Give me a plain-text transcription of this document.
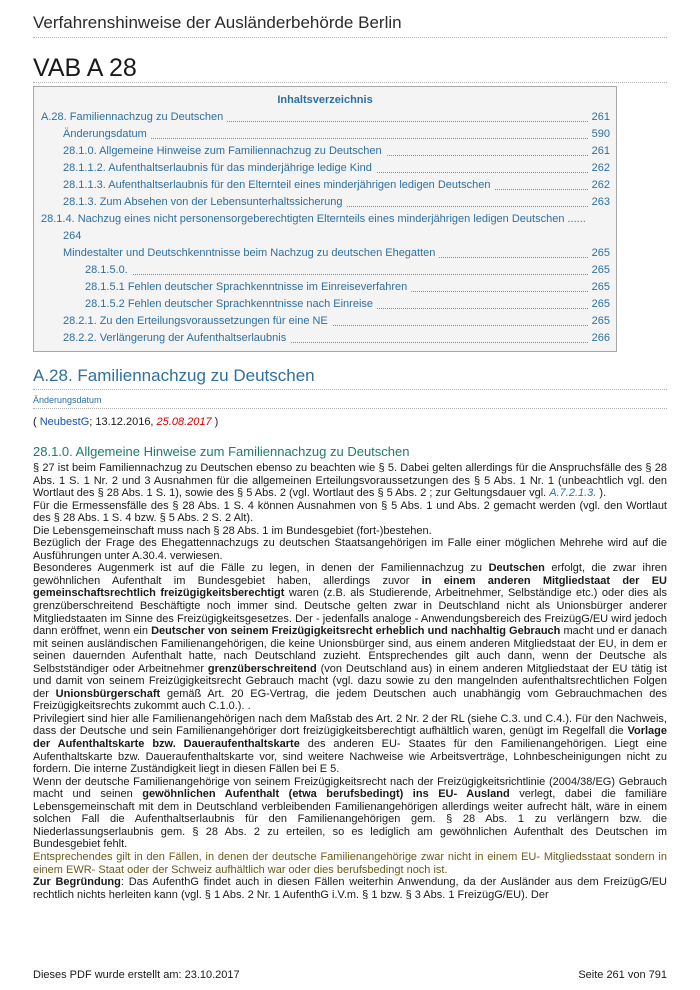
Verfahrenshinweise der Ausländerbehörde Berlin
VAB A 28
Inhaltsverzeichnis
A.28. Familiennachzug zu Deutschen	261
Änderungsdatum	590
28.1.0. Allgemeine Hinweise zum Familiennachzug zu Deutschen	261
28.1.1.2. Aufenthaltserlaubnis für das minderjährige ledige Kind	262
28.1.1.3. Aufenthaltserlaubnis für den Elternteil eines minderjährigen ledigen Deutschen	262
28.1.3. Zum Absehen von der Lebensunterhaltssicherung	263
28.1.4. Nachzug eines nicht personensorgeberechtigten Elternteils eines minderjährigen ledigen Deutschen ......
264
Mindestalter und Deutschkenntnisse beim Nachzug zu deutschen Ehegatten	265
28.1.5.0.	265
28.1.5.1 Fehlen deutscher Sprachkenntnisse im Einreiseverfahren	265
28.1.5.2 Fehlen deutscher Sprachkenntnisse nach Einreise	265
28.2.1. Zu den Erteilungsvoraussetzungen für eine NE	265
28.2.2. Verlängerung der Aufenthaltserlaubnis	266
A.28. Familiennachzug zu Deutschen
Änderungsdatum
( NeubestG; 13.12.2016, 25.08.2017 )
28.1.0. Allgemeine Hinweise zum Familiennachzug zu Deutschen

§ 27 ist beim Familiennachzug zu Deutschen ebenso zu beachten wie § 5. Dabei gelten allerdings für die Anspruchsfälle des § 28 Abs. 1 S. 1 Nr. 2 und 3 Ausnahmen für die allgemeinen Erteilungsvoraussetzungen des § 5 Abs. 1 Nr. 1 (unbeachtlich vgl. den Wortlaut des § 28 Abs. 1 S. 1), sowie des § 5 Abs. 2 (vgl. Wortlaut des § 5 Abs. 2 ; zur Geltungsdauer vgl. A.7.2.1.3. ).

Für die Ermessensfälle des § 28 Abs. 1 S. 4 können Ausnahmen von § 5 Abs. 1 und Abs. 2 gemacht werden (vgl. den Wortlaut des § 28 Abs. 1 S. 4 bzw. § 5 Abs. 2 S. 2 Alt).

Die Lebensgemeinschaft muss nach § 28 Abs. 1 im Bundesgebiet (fort-)bestehen.

Bezüglich der Frage des Ehegattennachzugs zu deutschen Staatsangehörigen im Falle einer möglichen Mehrehe wird auf die Ausführungen unter A.30.4. verwiesen.

Besonderes Augenmerk ist auf die Fälle zu legen, in denen der Familiennachzug zu Deutschen erfolgt, die zwar ihren gewöhnlichen Aufenthalt im Bundesgebiet haben, allerdings zuvor in einem anderen Mitgliedstaat der EU gemeinschaftsrechtlich freizügigkeitsberechtigt waren (z.B. als Studierende, Arbeitnehmer, Selbständige etc.) oder dies als grenzüberschreitend Beschäftigte noch immer sind. Deutsche gelten zwar in Deutschland nicht als Unionsbürger anderer Mitgliedstaaten im Sinne des Freizügigkeitsgesetzes. Der - jedenfalls analoge - Anwendungsbereich des FreizügG/EU wird jedoch dann eröffnet, wenn ein Deutscher von seinem Freizügigkeitsrecht erheblich und nachhaltig Gebrauch macht und er danach mit seinen ausländischen Familienangehörigen, die keine Unionsbürger sind, aus einem anderen Mitgliedstaat der EU, in dem er seinen dauernden Aufenthalt hatte, nach Deutschland zuzieht. Entsprechendes gilt auch dann, wenn der Deutsche als Selbstständiger oder Arbeitnehmer grenzüberschreitend (von Deutschland aus) in einem anderen Mitgliedstaat der EU tätig ist und damit von seinem Freizügigkeitsrecht Gebrauch macht (vgl. dazu sowie zu den mangelnden aufenthaltsrechtlichen Folgen der Unionsbürgerschaft gemäß Art. 20 EG-Vertrag, die jedem Deutschen auch unabhängig vom Gebrauchmachen des Freizügigkeitsrechts zukommt auch C.1.0.). .

Privilegiert sind hier alle Familienangehörigen nach dem Maßstab des Art. 2 Nr. 2 der RL (siehe C.3. und C.4.). Für den Nachweis, dass der Deutsche und sein Familienangehöriger dort freizügigkeitsberechtigt aufhältlich waren, genügt im Regelfall die Vorlage der Aufenthaltskarte bzw. Daueraufenthaltskarte des anderen EU- Staates für den Familienangehörigen. Liegt eine Aufenthaltskarte bzw. Daueraufenthaltskarte vor, sind weitere Nachweise wie Arbeitsverträge, Lohnbescheinigungen nicht zu fordern. Die interne Zuständigkeit liegt in diesen Fällen bei E 5.

Wenn der deutsche Familienangehörige von seinem Freizügigkeitsrecht nach der Freizügigkeitsrichtlinie (2004/38/EG) Gebrauch macht und seinen gewöhnlichen Aufenthalt (etwa berufsbedingt) ins EU- Ausland verlegt, dabei die familiäre Lebensgemeinschaft mit dem in Deutschland verbleibenden Familienangehörigen allerdings weiter aufrecht hält, wäre in einem solchen Fall die Aufenthaltserlaubnis für den Familienangehörigen gem. § 28 Abs. 1 zu verlängern bzw. die Niederlassungserlaubnis gem. § 28 Abs. 2 zu erteilen, so es lediglich am gewöhnlichen Aufenthalt des Deutschen im Bundesgebiet fehlt.

Entsprechendes gilt in den Fällen, in denen der deutsche Familienangehörige zwar nicht in einem EU- Mitgliedsstaat sondern in einem EWR- Staat oder der Schweiz aufhältlich war oder dies berufsbedingt noch ist.

Zur Begründung: Das AufenthG findet auch in diesen Fällen weiterhin Anwendung, da der Ausländer aus dem FreizügG/EU rechtlich nichts herleiten kann (vgl. § 1 Abs. 2 Nr. 1 AufenthG i.V.m. § 1 bzw. § 3 Abs. 1 FreizügG/EU). Der

Dieses PDF wurde erstellt am: 23.10.2017	Seite 261 von 791
